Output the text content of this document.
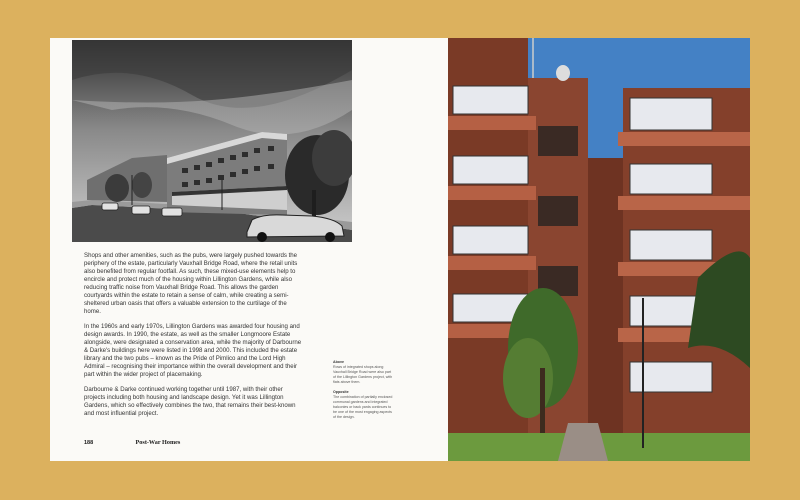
Shops and other amenities, such as the pubs, were largely pushed towards the periphery of the estate, particularly Vauxhall Bridge Road, where the retail units also benefited from regular footfall. As such, these mixed-use elements help to encircle and protect much of the housing within Lillington Gardens, while also reducing traffic noise from Vauxhall Bridge Road. This allows the garden courtyards within the estate to retain a sense of calm, while creating a semi-sheltered urban oasis that offers a valuable extension to the curtilage of the home.

In the 1960s and early 1970s, Lillington Gardens was awarded four housing and design awards. In 1990, the estate, as well as the smaller Longmoore Estate alongside, were designated a conservation area, while the majority of Darbourne & Darke's buildings here were listed in 1998 and 2000. This included the estate library and the two pubs – known as the Pride of Pimlico and the Lord High Admiral – recognising their importance within the overall development and their part within the wider project of placemaking.

Darbourne & Darke continued working together until 1987, with their other projects including both housing and landscape design. Yet it was Lillington Gardens, which so effectively combines the two, that remains their best-known and most influential project.

Above
Rows of integrated shops along Vauxhall Bridge Road were also part of the Lillington Gardens project, with flats above them.
Opposite
The combination of partially enclosed communal gardens and integrated balconies or back yards continues to be one of the most engaging aspects of the design.
188	Post-War Homes
